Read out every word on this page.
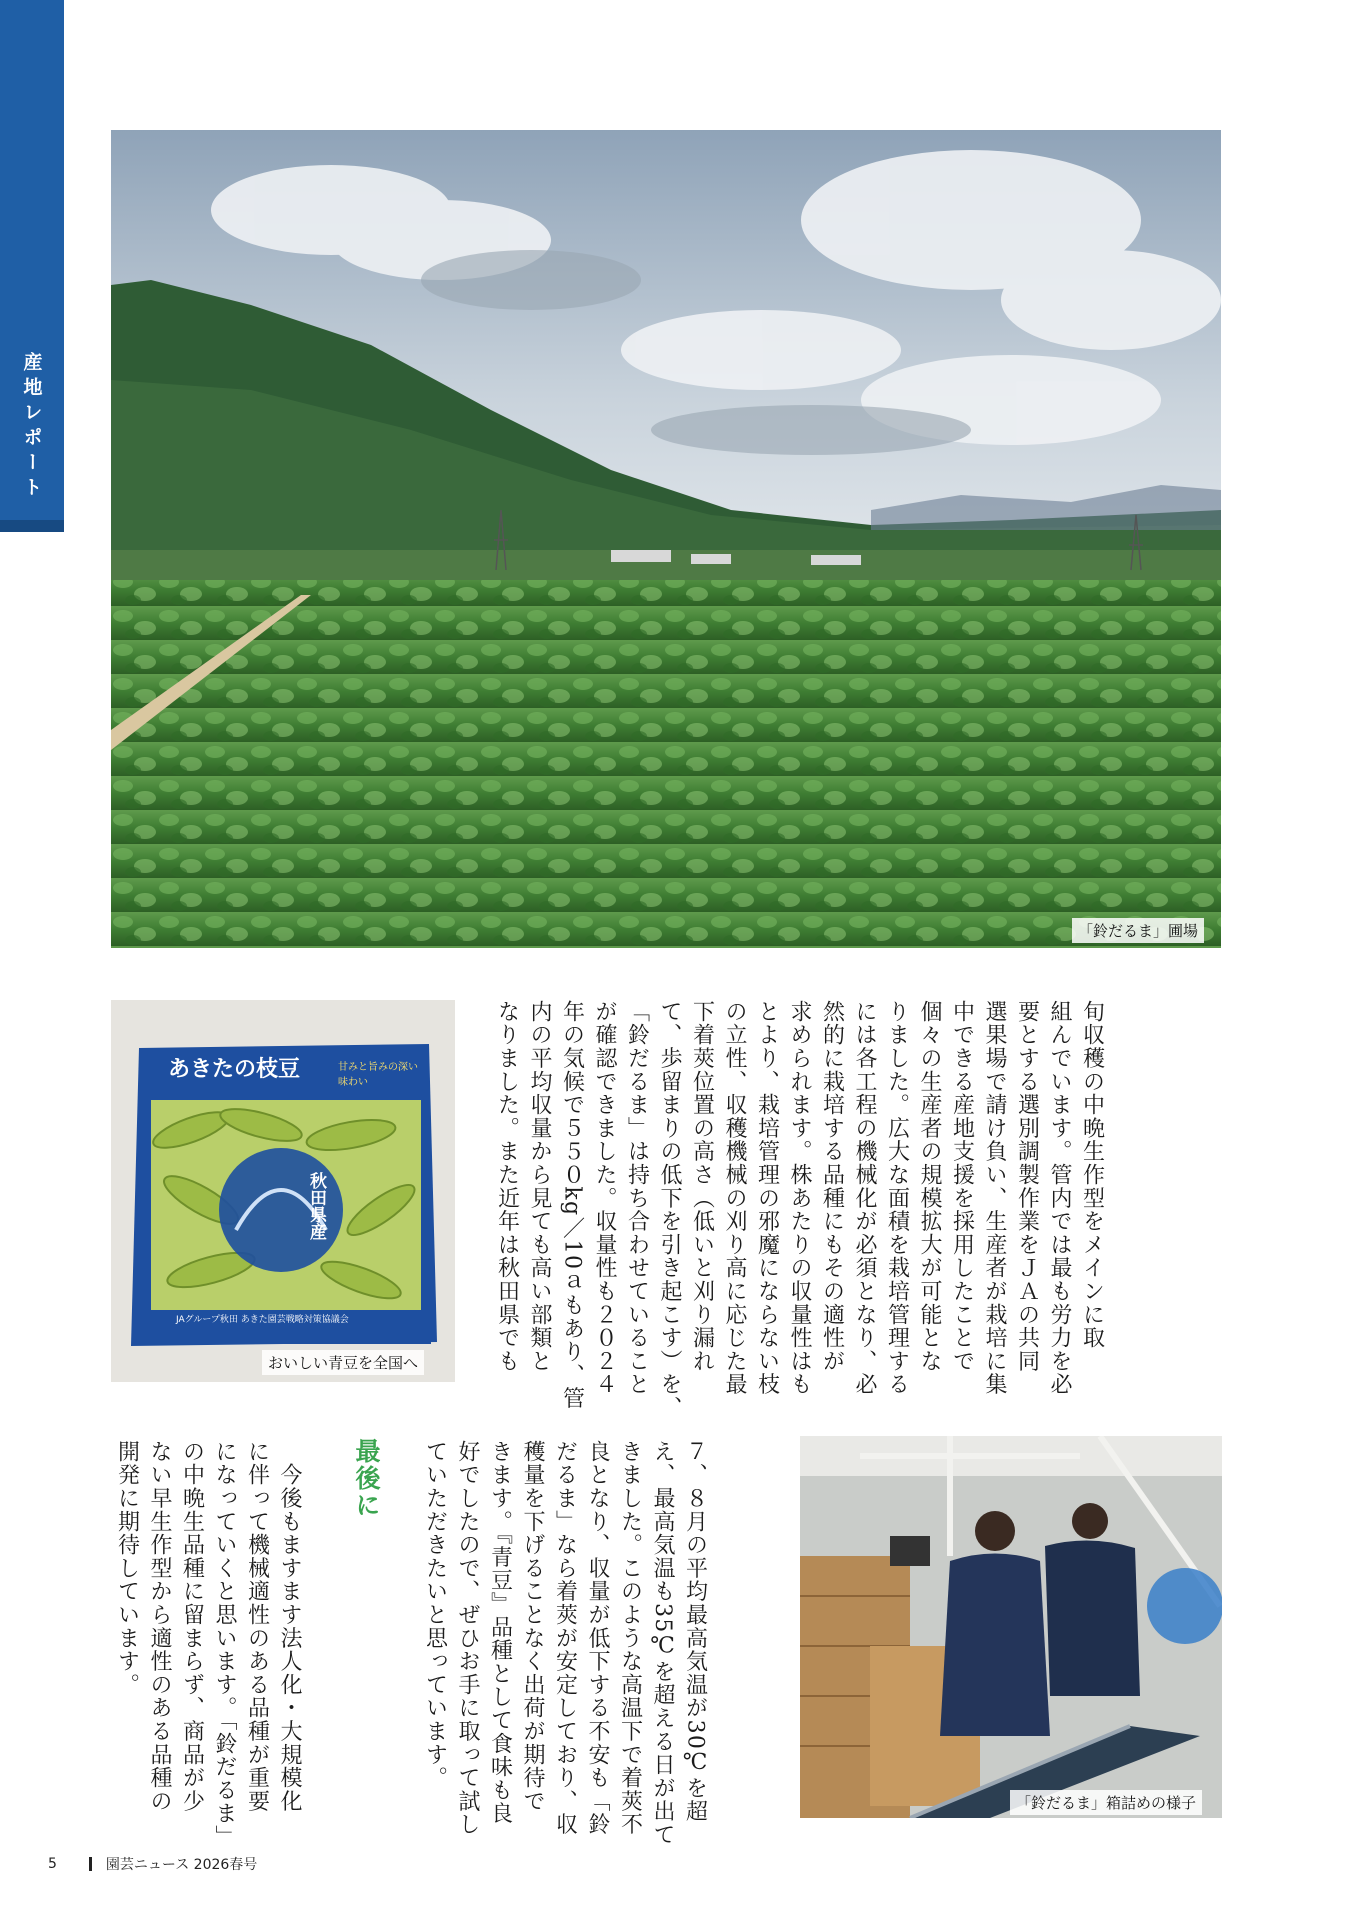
産地レポート
「鈴だるま」圃場
あきたの枝豆	甘みと旨みの深い味わい
秋田県産
JAグループ秋田 あきた園芸戦略対策協議会
おいしい青豆を全国へ
旬収穫の中晩生作型をメインに取
組んでいます。管内では最も労力を必
要とする選別調製作業をＪＡの共同
選果場で請け負い、生産者が栽培に集
中できる産地支援を採用したことで
個々の生産者の規模拡大が可能とな
りました。広大な面積を栽培管理する
には各工程の機械化が必須となり、必
然的に栽培する品種にもその適性が
求められます。株あたりの収量性はも
とより、栽培管理の邪魔にならない枝
の立性、収穫機械の刈り高に応じた最
下着莢位置の高さ（低いと刈り漏れ
て、歩留まりの低下を引き起こす）を、
「鈴だるま」は持ち合わせていること
が確認できました。収量性も２０２４
年の気候で５５０kg／10ａもあり、管
内の平均収量から見ても高い部類と
なりました。また近年は秋田県でも
「鈴だるま」箱詰めの様子
７、８月の平均最高気温が30℃を超
え、最高気温も35℃を超える日が出て
きました。このような高温下で着莢不
良となり、収量が低下する不安も「鈴
だるま」なら着莢が安定しており、収
穫量を下げることなく出荷が期待で
きます。『青豆』品種として食味も良
好でしたので、ぜひお手に取って試し
ていただきたいと思っています。
最後に
　今後もますます法人化・大規模化
に伴って機械適性のある品種が重要
になっていくと思います。「鈴だるま」
の中晩生品種に留まらず、商品が少
ない早生作型から適性のある品種の
開発に期待しています。
5	園芸ニュース 2026春号
